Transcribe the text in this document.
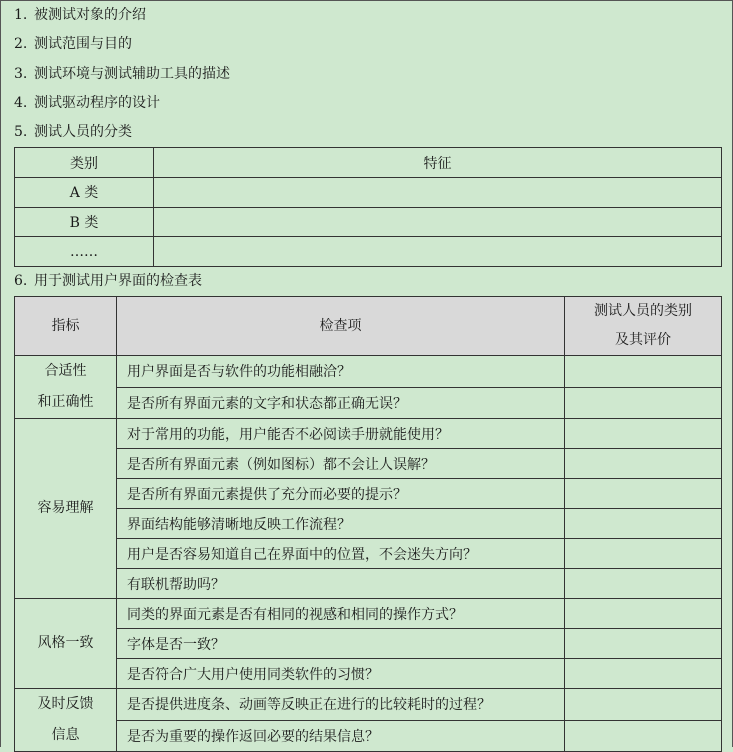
1. 被测试对象的介绍
2. 测试范围与目的
3. 测试环境与测试辅助工具的描述
4. 测试驱动程序的设计
5. 测试人员的分类
类别	特征
A 类	
B 类	
……	
6. 用于测试用户界面的检查表
指标	检查项	测试人员的类别
及其评价

合适性
和正确性	用户界面是否与软件的功能相融洽？	
	是否所有界面元素的文字和状态都正确无误？	

容易理解	对于常用的功能，用户能否不必阅读手册就能使用？	
	是否所有界面元素（例如图标）都不会让人误解？	
	是否所有界面元素提供了充分而必要的提示？	
	界面结构能够清晰地反映工作流程？	
	用户是否容易知道自己在界面中的位置，不会迷失方向？	
	有联机帮助吗？	

风格一致	同类的界面元素是否有相同的视感和相同的操作方式？	
	字体是否一致？	
	是否符合广大用户使用同类软件的习惯？	

及时反馈
信息	是否提供进度条、动画等反映正在进行的比较耗时的过程？	
	是否为重要的操作返回必要的结果信息？	
